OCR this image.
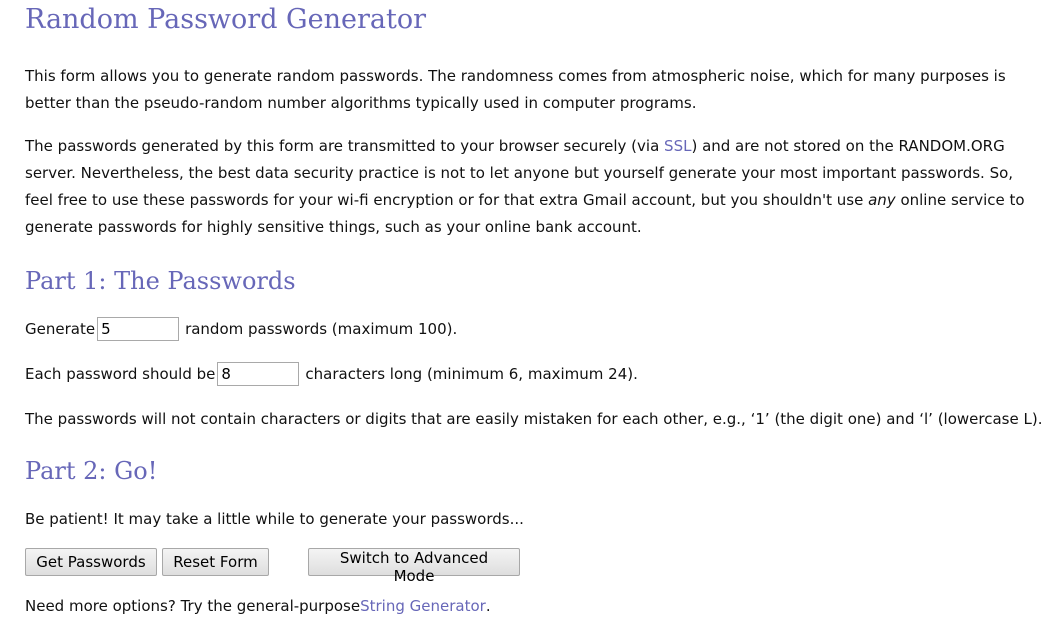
Random Password Generator

This form allows you to generate random passwords. The randomness comes from atmospheric noise, which for many purposes is better than the pseudo-random number algorithms typically used in computer programs.

The passwords generated by this form are transmitted to your browser securely (via SSL) and are not stored on the RANDOM.ORG server. Nevertheless, the best data security practice is not to let anyone but yourself generate your most important passwords. So, feel free to use these passwords for your wi-fi encryption or for that extra Gmail account, but you shouldn't use any online service to generate passwords for highly sensitive things, such as your online bank account.

Part 1: The Passwords
Generate
5	random passwords (maximum 100).
Each password should be
8	characters long (minimum 6, maximum 24).

The passwords will not contain characters or digits that are easily mistaken for each other, e.g., ‘1’ (the digit one) and ‘l’ (lowercase L).

Part 2: Go!

Be patient! It may take a little while to generate your passwords...

Get Passwords	Reset Form	Switch to Advanced Mode

Need more options? Try the general-purpose String Generator .
